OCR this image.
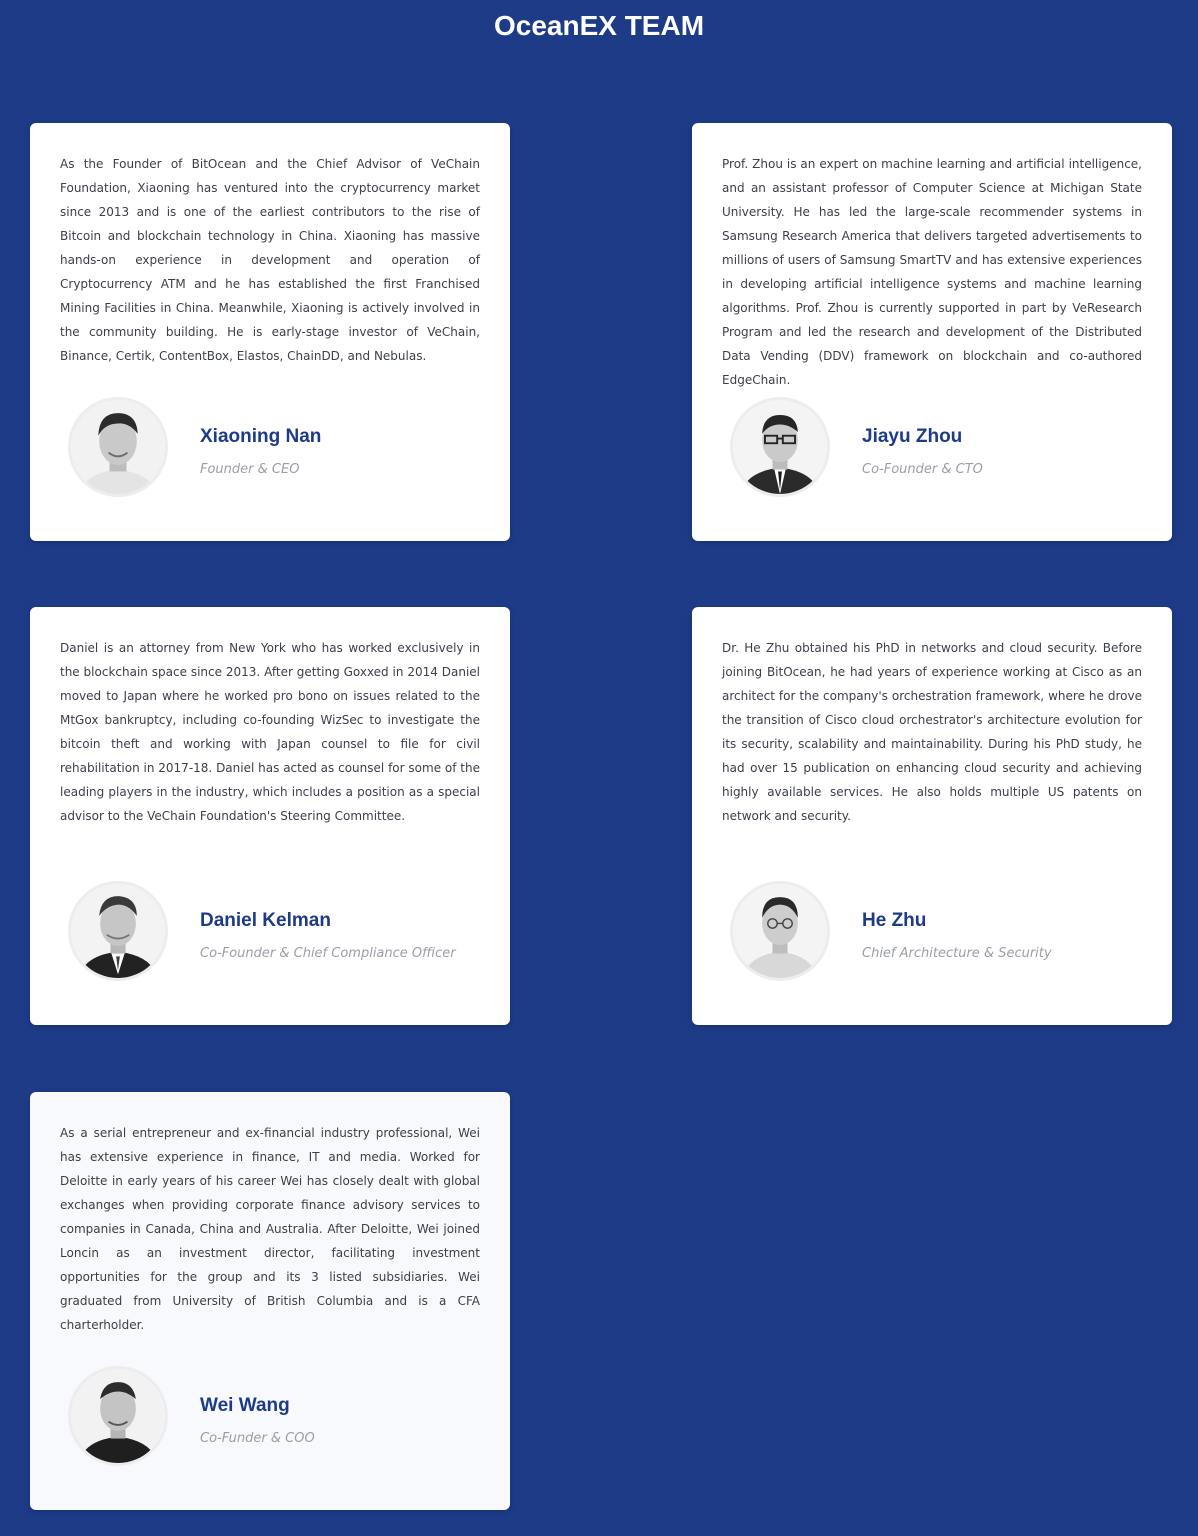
OceanEX TEAM

As the Founder of BitOcean and the Chief Advisor of VeChain Foundation, Xiaoning has ventured into the cryptocurrency market since 2013 and is one of the earliest contributors to the rise of Bitcoin and blockchain technology in China. Xiaoning has massive hands-on experience in development and operation of Cryptocurrency ATM and he has established the first Franchised Mining Facilities in China. Meanwhile, Xiaoning is actively involved in the community building. He is early-stage investor of VeChain, Binance, Certik, ContentBox, Elastos, ChainDD, and Nebulas.

Xiaoning Nan
Founder & CEO

Prof. Zhou is an expert on machine learning and artificial intelligence, and an assistant professor of Computer Science at Michigan State University. He has led the large-scale recommender systems in Samsung Research America that delivers targeted advertisements to millions of users of Samsung SmartTV and has extensive experiences in developing artificial intelligence systems and machine learning algorithms. Prof. Zhou is currently supported in part by VeResearch Program and led the research and development of the Distributed Data Vending (DDV) framework on blockchain and co-authored EdgeChain.

Jiayu Zhou
Co-Founder & CTO

Daniel is an attorney from New York who has worked exclusively in the blockchain space since 2013. After getting Goxxed in 2014 Daniel moved to Japan where he worked pro bono on issues related to the MtGox bankruptcy, including co-founding WizSec to investigate the bitcoin theft and working with Japan counsel to file for civil rehabilitation in 2017-18. Daniel has acted as counsel for some of the leading players in the industry, which includes a position as a special advisor to the VeChain Foundation's Steering Committee.

Daniel Kelman
Co-Founder & Chief Compliance Officer

Dr. He Zhu obtained his PhD in networks and cloud security. Before joining BitOcean, he had years of experience working at Cisco as an architect for the company's orchestration framework, where he drove the transition of Cisco cloud orchestrator's architecture evolution for its security, scalability and maintainability. During his PhD study, he had over 15 publication on enhancing cloud security and achieving highly available services. He also holds multiple US patents on network and security.

He Zhu
Chief Architecture & Security

As a serial entrepreneur and ex-financial industry professional, Wei has extensive experience in finance, IT and media. Worked for Deloitte in early years of his career Wei has closely dealt with global exchanges when providing corporate finance advisory services to companies in Canada, China and Australia. After Deloitte, Wei joined Loncin as an investment director, facilitating investment opportunities for the group and its 3 listed subsidiaries. Wei graduated from University of British Columbia and is a CFA charterholder.

Wei Wang
Co-Funder & COO
